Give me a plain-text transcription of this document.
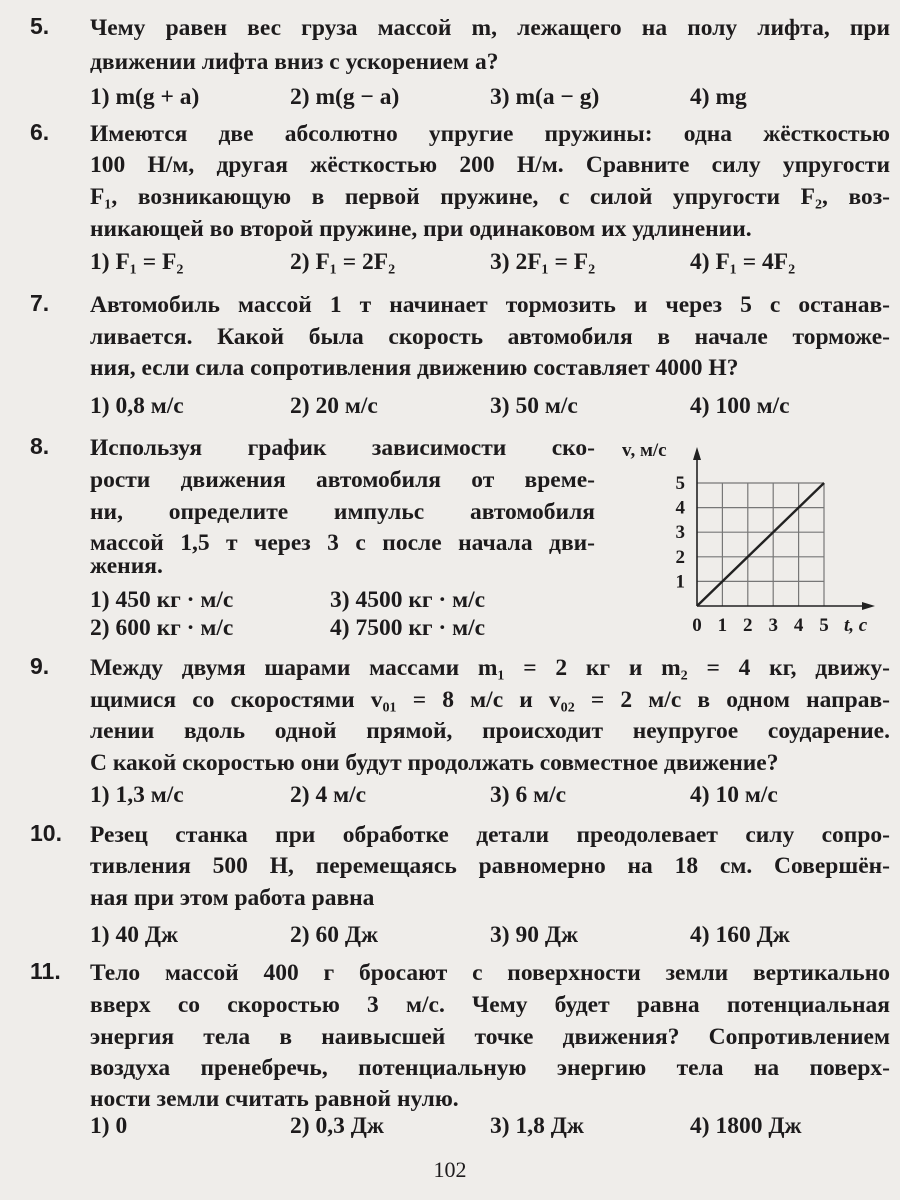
5. Чему равен вес груза массой m, лежащего на полу лифта, при
движении лифта вниз с ускорением a?
1) m(g + a)	2) m(g − a)	3) m(a − g)	4) mg
6. Имеются две абсолютно упругие пружины: одна жёсткостью
100 Н/м, другая жёсткостью 200 Н/м. Сравните силу упругости
F₁, возникающую в первой пружине, с силой упругости F₂, воз-
никающей во второй пружине, при одинаковом их удлинении.
1) F₁ = F₂	2) F₁ = 2F₂	3) 2F₁ = F₂	4) F₁ = 4F₂
7. Автомобиль массой 1 т начинает тормозить и через 5 с останав-
ливается. Какой была скорость автомобиля в начале торможе-
ния, если сила сопротивления движению составляет 4000 Н?
1) 0,8 м/с	2) 20 м/с	3) 50 м/с	4) 100 м/с
8. Используя график зависимости ско-
рости движения автомобиля от време-
ни, определите импульс автомобиля
массой 1,5 т через 3 с после начала дви-
жения.
1) 450 кг · м/с	3) 4500 кг · м/с
2) 600 кг · м/с	4) 7500 кг · м/с
9. Между двумя шарами массами m₁ = 2 кг и m₂ = 4 кг, движу-
щимися со скоростями v₀₁ = 8 м/с и v₀₂ = 2 м/с в одном направ-
лении вдоль одной прямой, происходит неупругое соударение.
С какой скоростью они будут продолжать совместное движение?
1) 1,3 м/с	2) 4 м/с	3) 6 м/с	4) 10 м/с
10. Резец станка при обработке детали преодолевает силу сопро-
тивления 500 Н, перемещаясь равномерно на 18 см. Совершён-
ная при этом работа равна
1) 40 Дж	2) 60 Дж	3) 90 Дж	4) 160 Дж
11. Тело массой 400 г бросают с поверхности земли вертикально
вверх со скоростью 3 м/с. Чему будет равна потенциальная
энергия тела в наивысшей точке движения? Сопротивлением
воздуха пренебречь, потенциальную энергию тела на поверх-
ности земли считать равной нулю.
1) 0	2) 0,3 Дж	3) 1,8 Дж	4) 1800 Дж
0 1 2 3 4 5
1
2
3
4
5
t, с
v, м/с
102
